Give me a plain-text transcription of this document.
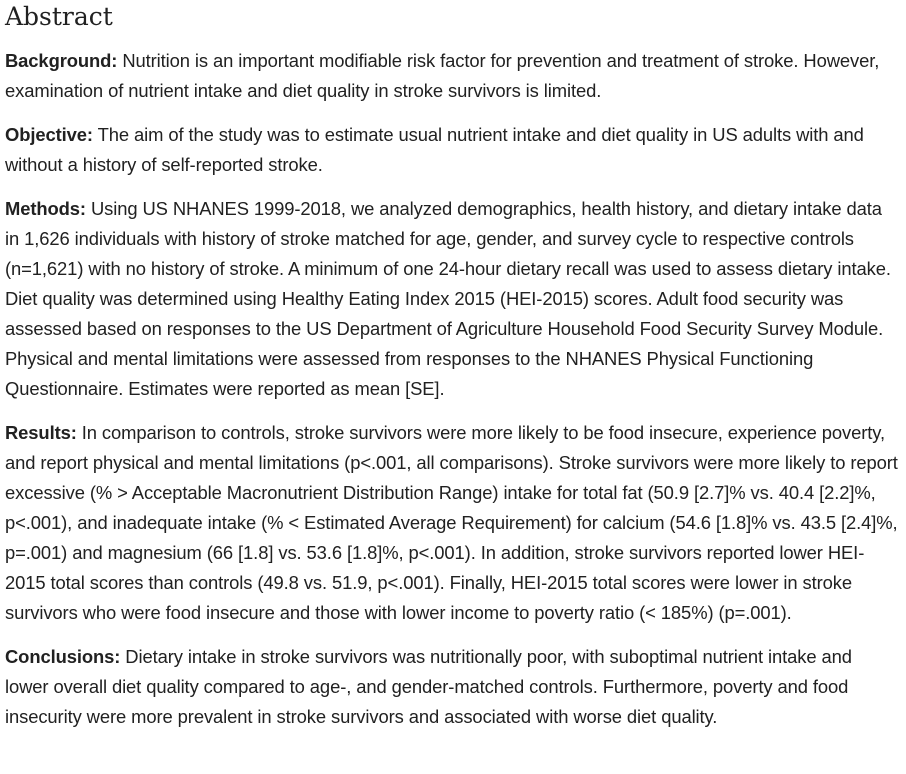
Abstract

Background: Nutrition is an important modifiable risk factor for prevention and treatment of stroke. However, examination of nutrient intake and diet quality in stroke survivors is limited.

Objective: The aim of the study was to estimate usual nutrient intake and diet quality in US adults with and without a history of self-reported stroke.

Methods: Using US NHANES 1999-2018, we analyzed demographics, health history, and dietary intake data in 1,626 individuals with history of stroke matched for age, gender, and survey cycle to respective controls (n=1,621) with no history of stroke. A minimum of one 24-hour dietary recall was used to assess dietary intake. Diet quality was determined using Healthy Eating Index 2015 (HEI-2015) scores. Adult food security was assessed based on responses to the US Department of Agriculture Household Food Security Survey Module. Physical and mental limitations were assessed from responses to the NHANES Physical Functioning Questionnaire. Estimates were reported as mean [SE].

Results: In comparison to controls, stroke survivors were more likely to be food insecure, experience poverty, and report physical and mental limitations (p<.001, all comparisons). Stroke survivors were more likely to report excessive (% > Acceptable Macronutrient Distribution Range) intake for total fat (50.9 [2.7]% vs. 40.4 [2.2]%, p<.001), and inadequate intake (% < Estimated Average Requirement) for calcium (54.6 [1.8]% vs. 43.5 [2.4]%, p=.001) and magnesium (66 [1.8] vs. 53.6 [1.8]%, p<.001). In addition, stroke survivors reported lower HEI-2015 total scores than controls (49.8 vs. 51.9, p<.001). Finally, HEI-2015 total scores were lower in stroke survivors who were food insecure and those with lower income to poverty ratio (< 185%) (p=.001).

Conclusions: Dietary intake in stroke survivors was nutritionally poor, with suboptimal nutrient intake and lower overall diet quality compared to age-, and gender-matched controls. Furthermore, poverty and food insecurity were more prevalent in stroke survivors and associated with worse diet quality.
